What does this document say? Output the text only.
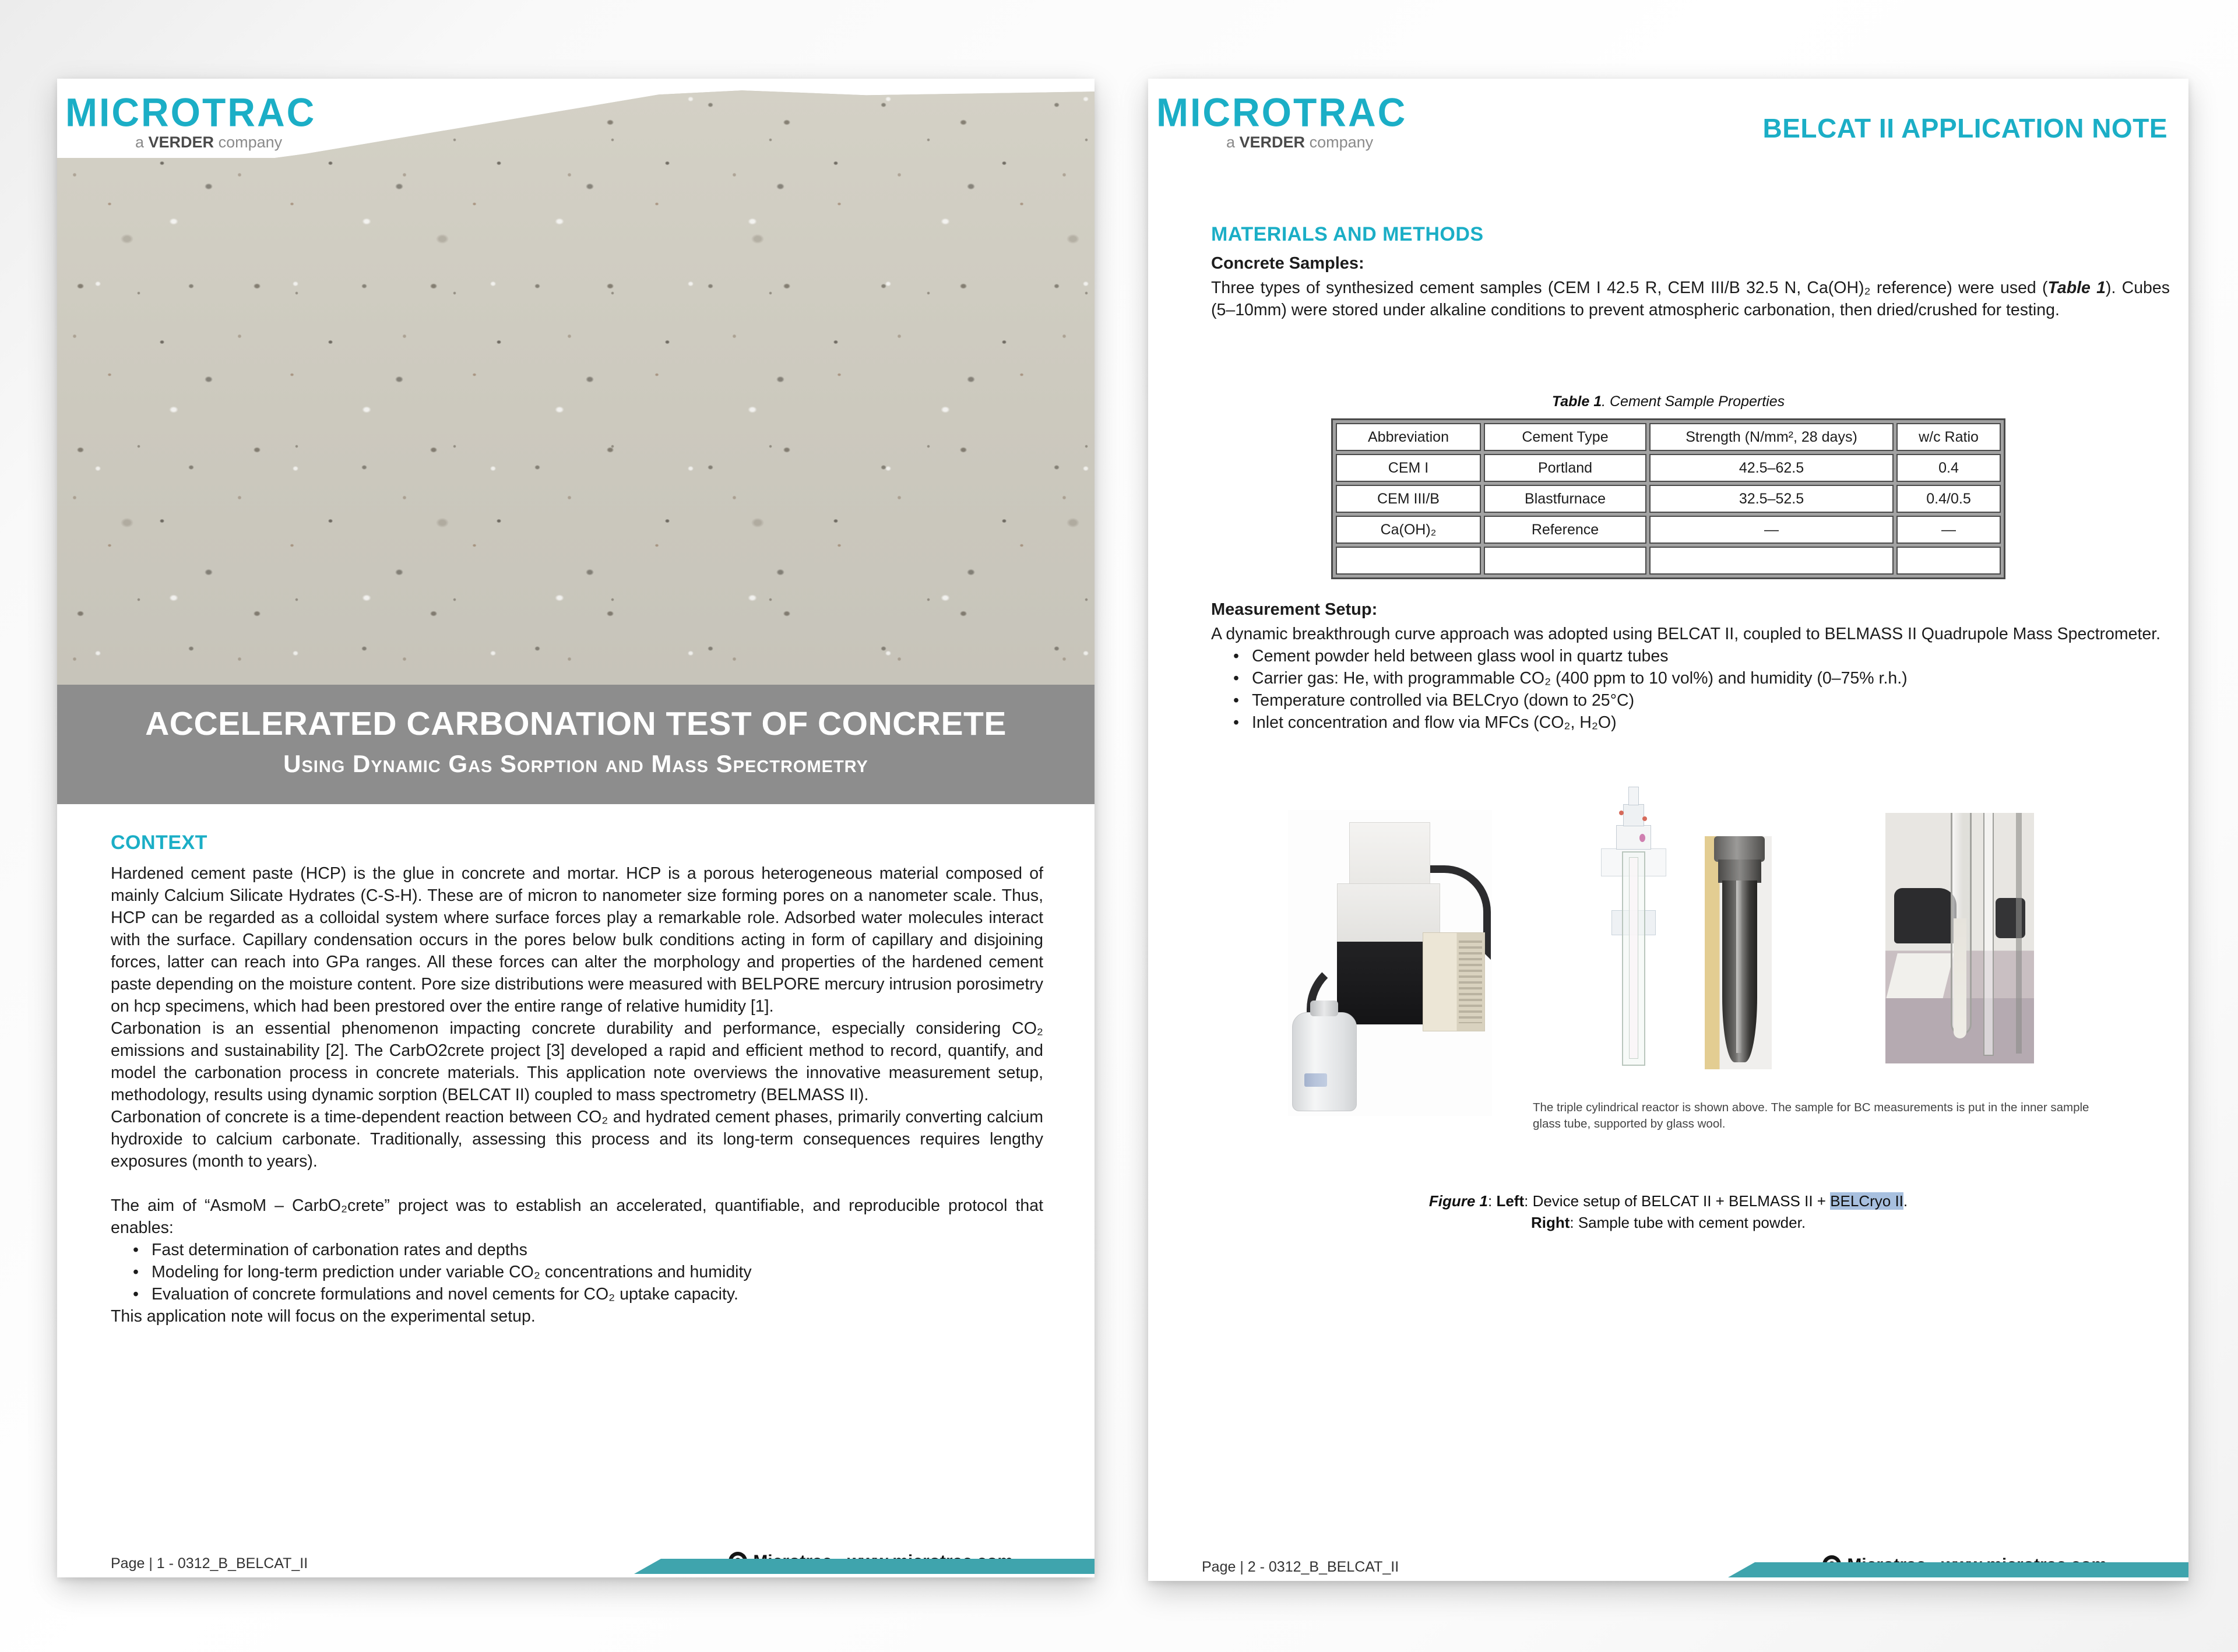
MICROTRAC
a VERDER company
ACCELERATED CARBONATION TEST OF CONCRETE
Using Dynamic Gas Sorption and Mass Spectrometry
CONTEXT

Hardened cement paste (HCP) is the glue in concrete and mortar. HCP is a porous heterogeneous material composed of mainly Calcium Silicate Hydrates (C-S-H). These are of micron to nanometer size forming pores on a nanometer scale. Thus, HCP can be regarded as a colloidal system where surface forces play a remarkable role. Adsorbed water molecules interact with the surface. Capillary condensation occurs in the pores below bulk conditions acting in form of capillary and disjoining forces, latter can reach into GPa ranges. All these forces can alter the morphology and properties of the hardened cement paste depending on the moisture content. Pore size distributions were measured with BELPORE mercury intrusion porosimetry on hcp specimens, which had been prestored over the entire range of relative humidity [1].

Carbonation is an essential phenomenon impacting concrete durability and performance, especially considering CO₂ emissions and sustainability [2]. The CarbO2crete project [3] developed a rapid and efficient method to record, quantify, and model the carbonation process in concrete materials. This application note overviews the innovative measurement setup, methodology, results using dynamic sorption (BELCAT II) coupled to mass spectrometry (BELMASS II).

Carbonation of concrete is a time-dependent reaction between CO₂ and hydrated cement phases, primarily converting calcium hydroxide to calcium carbonate. Traditionally, assessing this process and its long-term consequences requires lengthy exposures (month to years).

The aim of “AsmoM – CarbO₂crete” project was to establish an accelerated, quantifiable, and reproducible protocol that enables:

• Fast determination of carbonation rates and depths
• Modeling for long-term prediction under variable CO₂ concentrations and humidity
• Evaluation of concrete formulations and novel cements for CO₂ uptake capacity.

This application note will focus on the experimental setup.

Page | 1 - 0312_B_BELCAT_II
MICROTRAC
a VERDER company	BELCAT II APPLICATION NOTE
MATERIALS AND METHODS

Concrete Samples:

Three types of synthesized cement samples (CEM I 42.5 R, CEM III/B 32.5 N, Ca(OH)₂ reference) were used (Table 1). Cubes (5–10mm) were stored under alkaline conditions to prevent atmospheric carbonation, then dried/crushed for testing.
Table 1. Cement Sample Properties
Abbreviation	Cement Type	Strength (N/mm², 28 days)	w/c Ratio
CEM I	Portland	42.5–62.5	0.4
CEM III/B	Blastfurnace	32.5–52.5	0.4/0.5
Ca(OH)₂	Reference	—	—

Measurement Setup:

A dynamic breakthrough curve approach was adopted using BELCAT II, coupled to BELMASS II Quadrupole Mass Spectrometer.

• Cement powder held between glass wool in quartz tubes
• Carrier gas: He, with programmable CO₂ (400 ppm to 10 vol%) and humidity (0–75% r.h.)
• Temperature controlled via BELCryo (down to 25°C)
• Inlet concentration and flow via MFCs (CO₂, H₂O)
The triple cylindrical reactor is shown above. The sample for BC measurements is put in the inner sample glass tube, supported by glass wool.
Figure 1: Left: Device setup of BELCAT II + BELMASS II + BELCryo II.
Right: Sample tube with cement powder.
Page | 2 - 0312_B_BELCAT_II
